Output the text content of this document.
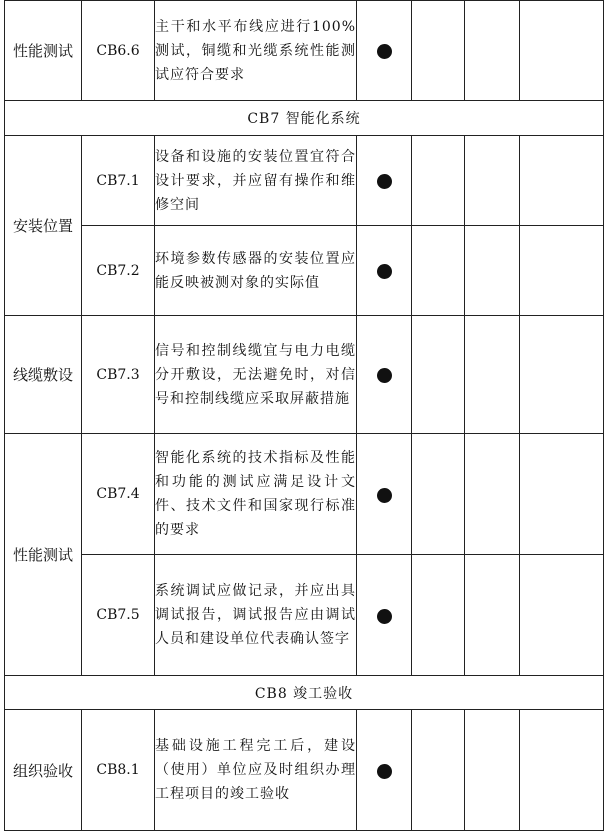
性能测试	CB6.6	主干和水平布线应进行100%测试，铜缆和光缆系统性能测试应符合要求				
CB7 智能化系统						
安装位置	CB7.1	设备和设施的安装位置宜符合设计要求，并应留有操作和维修空间				
	CB7.2	环境参数传感器的安装位置应能反映被测对象的实际值				
线缆敷设	CB7.3	信号和控制线缆宜与电力电缆分开敷设，无法避免时，对信号和控制线缆应采取屏蔽措施				
性能测试	CB7.4	智能化系统的技术指标及性能和功能的测试应满足设计文件、技术文件和国家现行标准的要求				
	CB7.5	系统调试应做记录，并应出具调试报告，调试报告应由调试人员和建设单位代表确认签字				
CB8 竣工验收						
组织验收	CB8.1	基础设施工程完工后，建设（使用）单位应及时组织办理工程项目的竣工验收				
